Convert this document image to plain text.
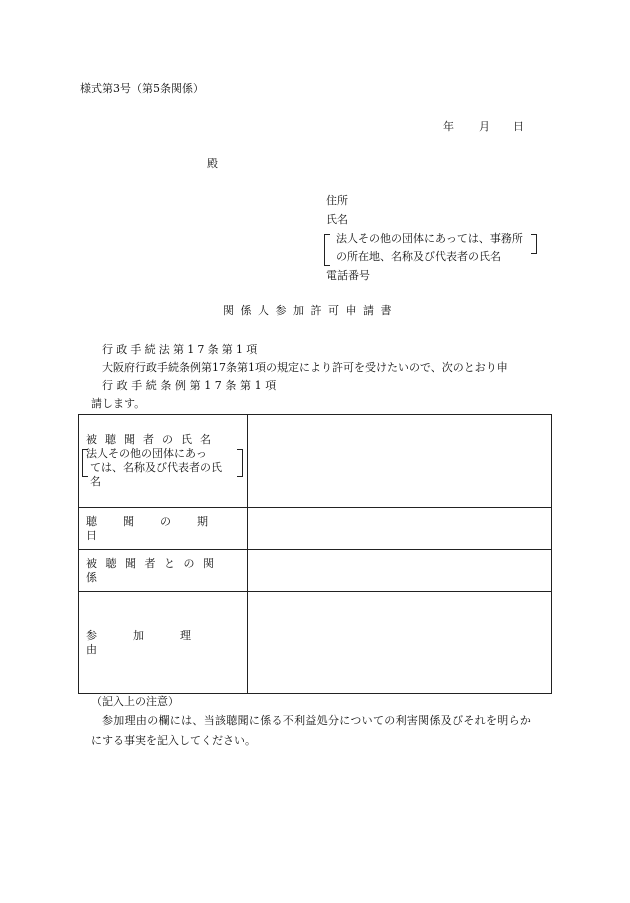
様式第3号（第5条関係）
年 月 日
殿
住所
氏名
法人その他の団体にあっては、事務所
の所在地、名称及び代表者の氏名
電話番号
関係人参加許可申請書
行政手続法第17条第1項
大阪府行政手続条例第17条第1項の規定により許可を受けたいので、次のとおり申
行政手続条例第17条第1項
請します。
被聴聞者の氏名
法人その他の団体にあっ
ては、名称及び代表者の氏
名	

聴聞の期日	

被聴聞者との関係	

参加理由	

（記入上の注意）
参加理由の欄には、当該聴聞に係る不利益処分についての利害関係及びそれを明らか
にする事実を記入してください。
